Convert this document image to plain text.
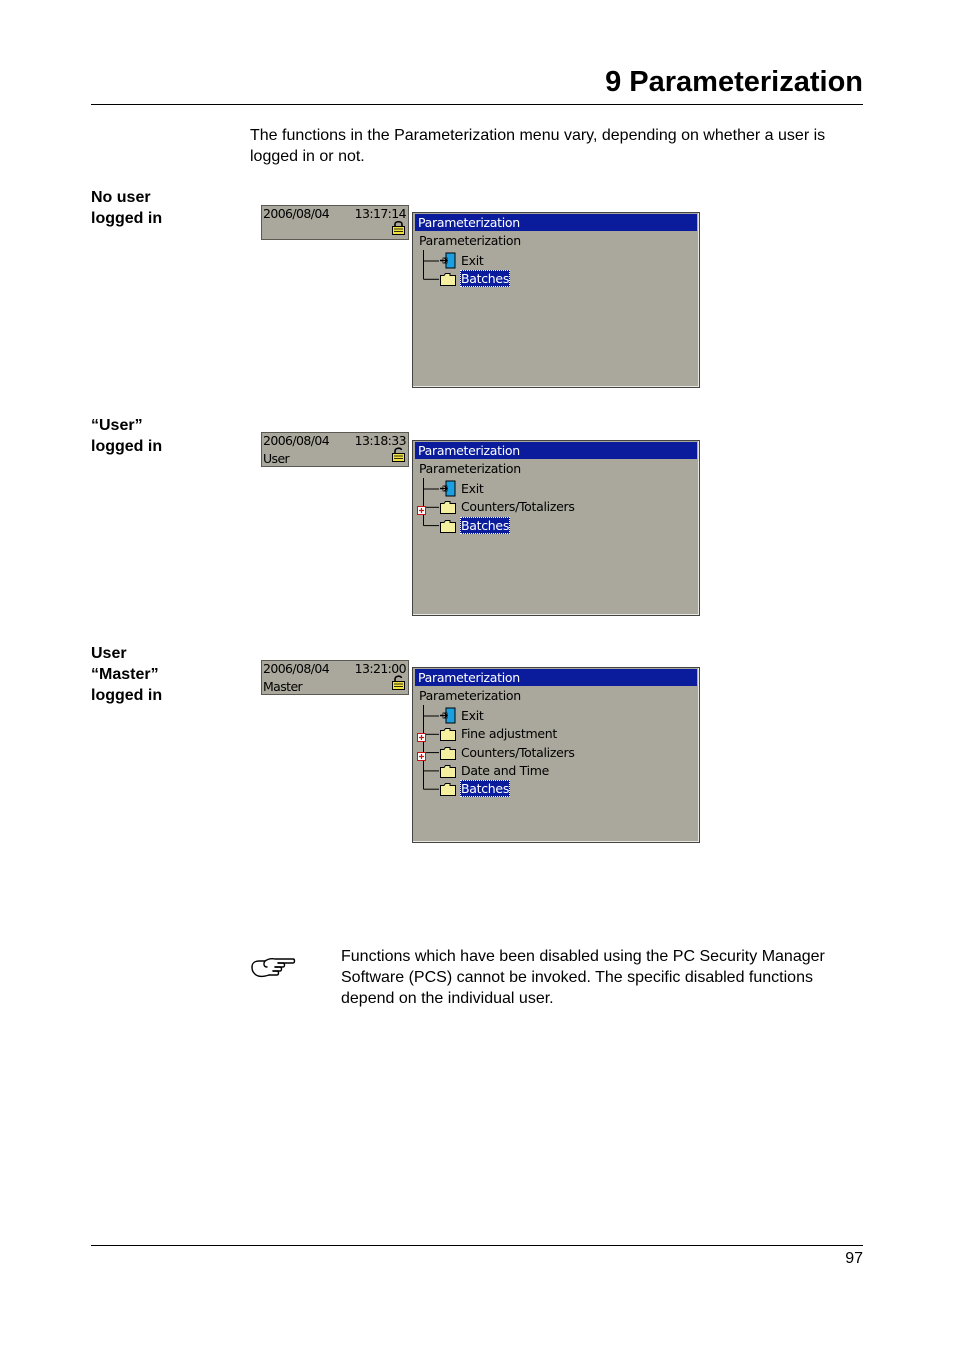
9 Parameterization
The functions in the Parameterization menu vary, depending on whether a user is logged in or not.
No user
logged in	2006/08/04 13:17:14
Parameterization
Parameterization
Exit
Batches
“User”
logged in	2006/08/04 13:18:33
User
Parameterization
Parameterization
Exit
Counters/Totalizers
Batches
User
“Master”
logged in
2006/08/04 13:21:00
Master
Parameterization
Parameterization
Exit
Fine adjustment
Counters/Totalizers
Date and Time
Batches
Functions which have been disabled using the PC Security Manager Software (PCS) cannot be invoked. The specific disabled functions depend on the individual user.
97
